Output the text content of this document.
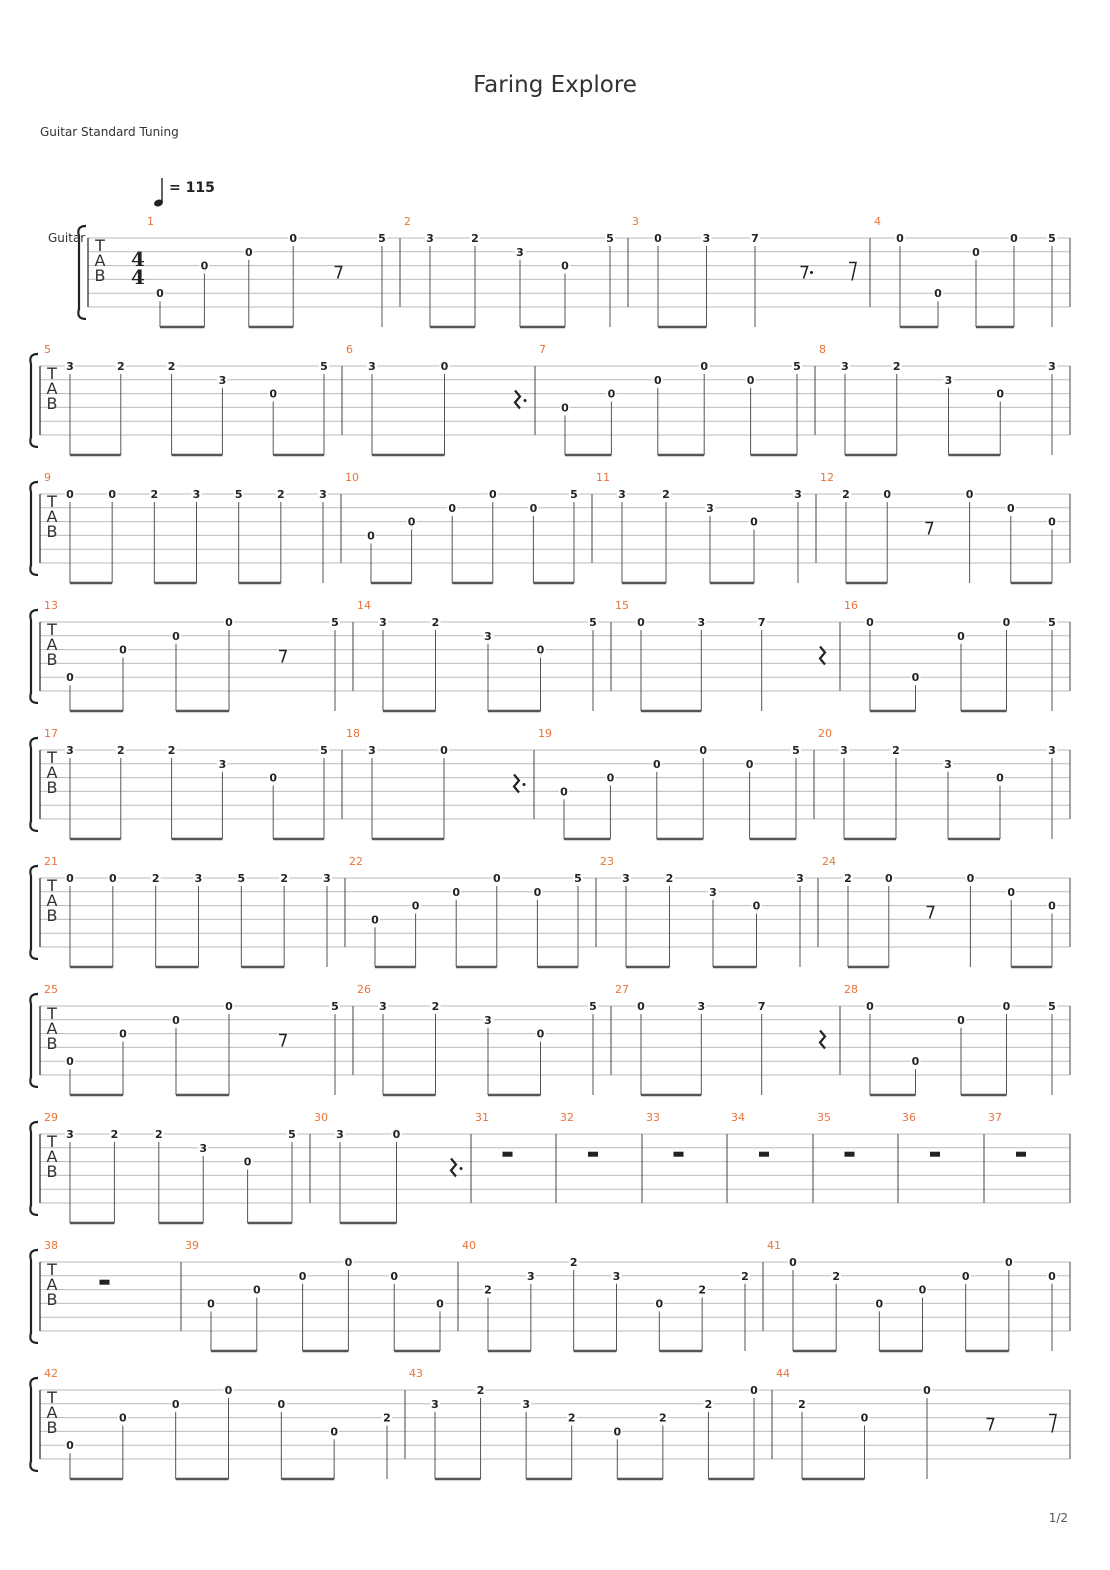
Faring Explore
Guitar Standard Tuning
= 115
1/2
T
A
B
Guitar
4
4
1
0
0
0
0	5
2
3	2
3
0
5
3
0	3	7
4
0
0
0
0	5
T
A
B
5
3	2	2
3
0
5
6
3	0
7
0
0
0
0
0
5
8
3	2
3
0
3
T
A
B
9
0	0	2	3	5	2	3
10
0
0
0
0
0
5
11
3	2
3
0
3
12
2	0	0
0
0
T
A
B
13
0
0
0
0	5
14
3	2
3
0
5
15
0	3	7
16
0
0
0
0	5
T
A
B
17
3	2	2
3
0
5
18
3	0
19
0
0
0
0
0
5
20
3	2
3
0
3
T
A
B
21
0	0	2	3	5	2	3
22
0
0
0
0
0
5
23
3	2
3
0
3
24
2	0	0
0
0
T
A
B
25
0
0
0
0	5
26
3	2
3
0
5
27
0	3	7
28
0
0
0
0	5
T
A
B
29
3	2	2
3
0
5
30
3	0
31	32	33	34	35	36	37
T
A
B
38	39
0
0
0
0
0
0
40
2
3
2
3
0
2
2
41
0
2
0
0
0
0
0
T
A
B
42
0
0
0
0
0
0
2
43
3
2
3
2
0
2
2
0
44
2
0
0
